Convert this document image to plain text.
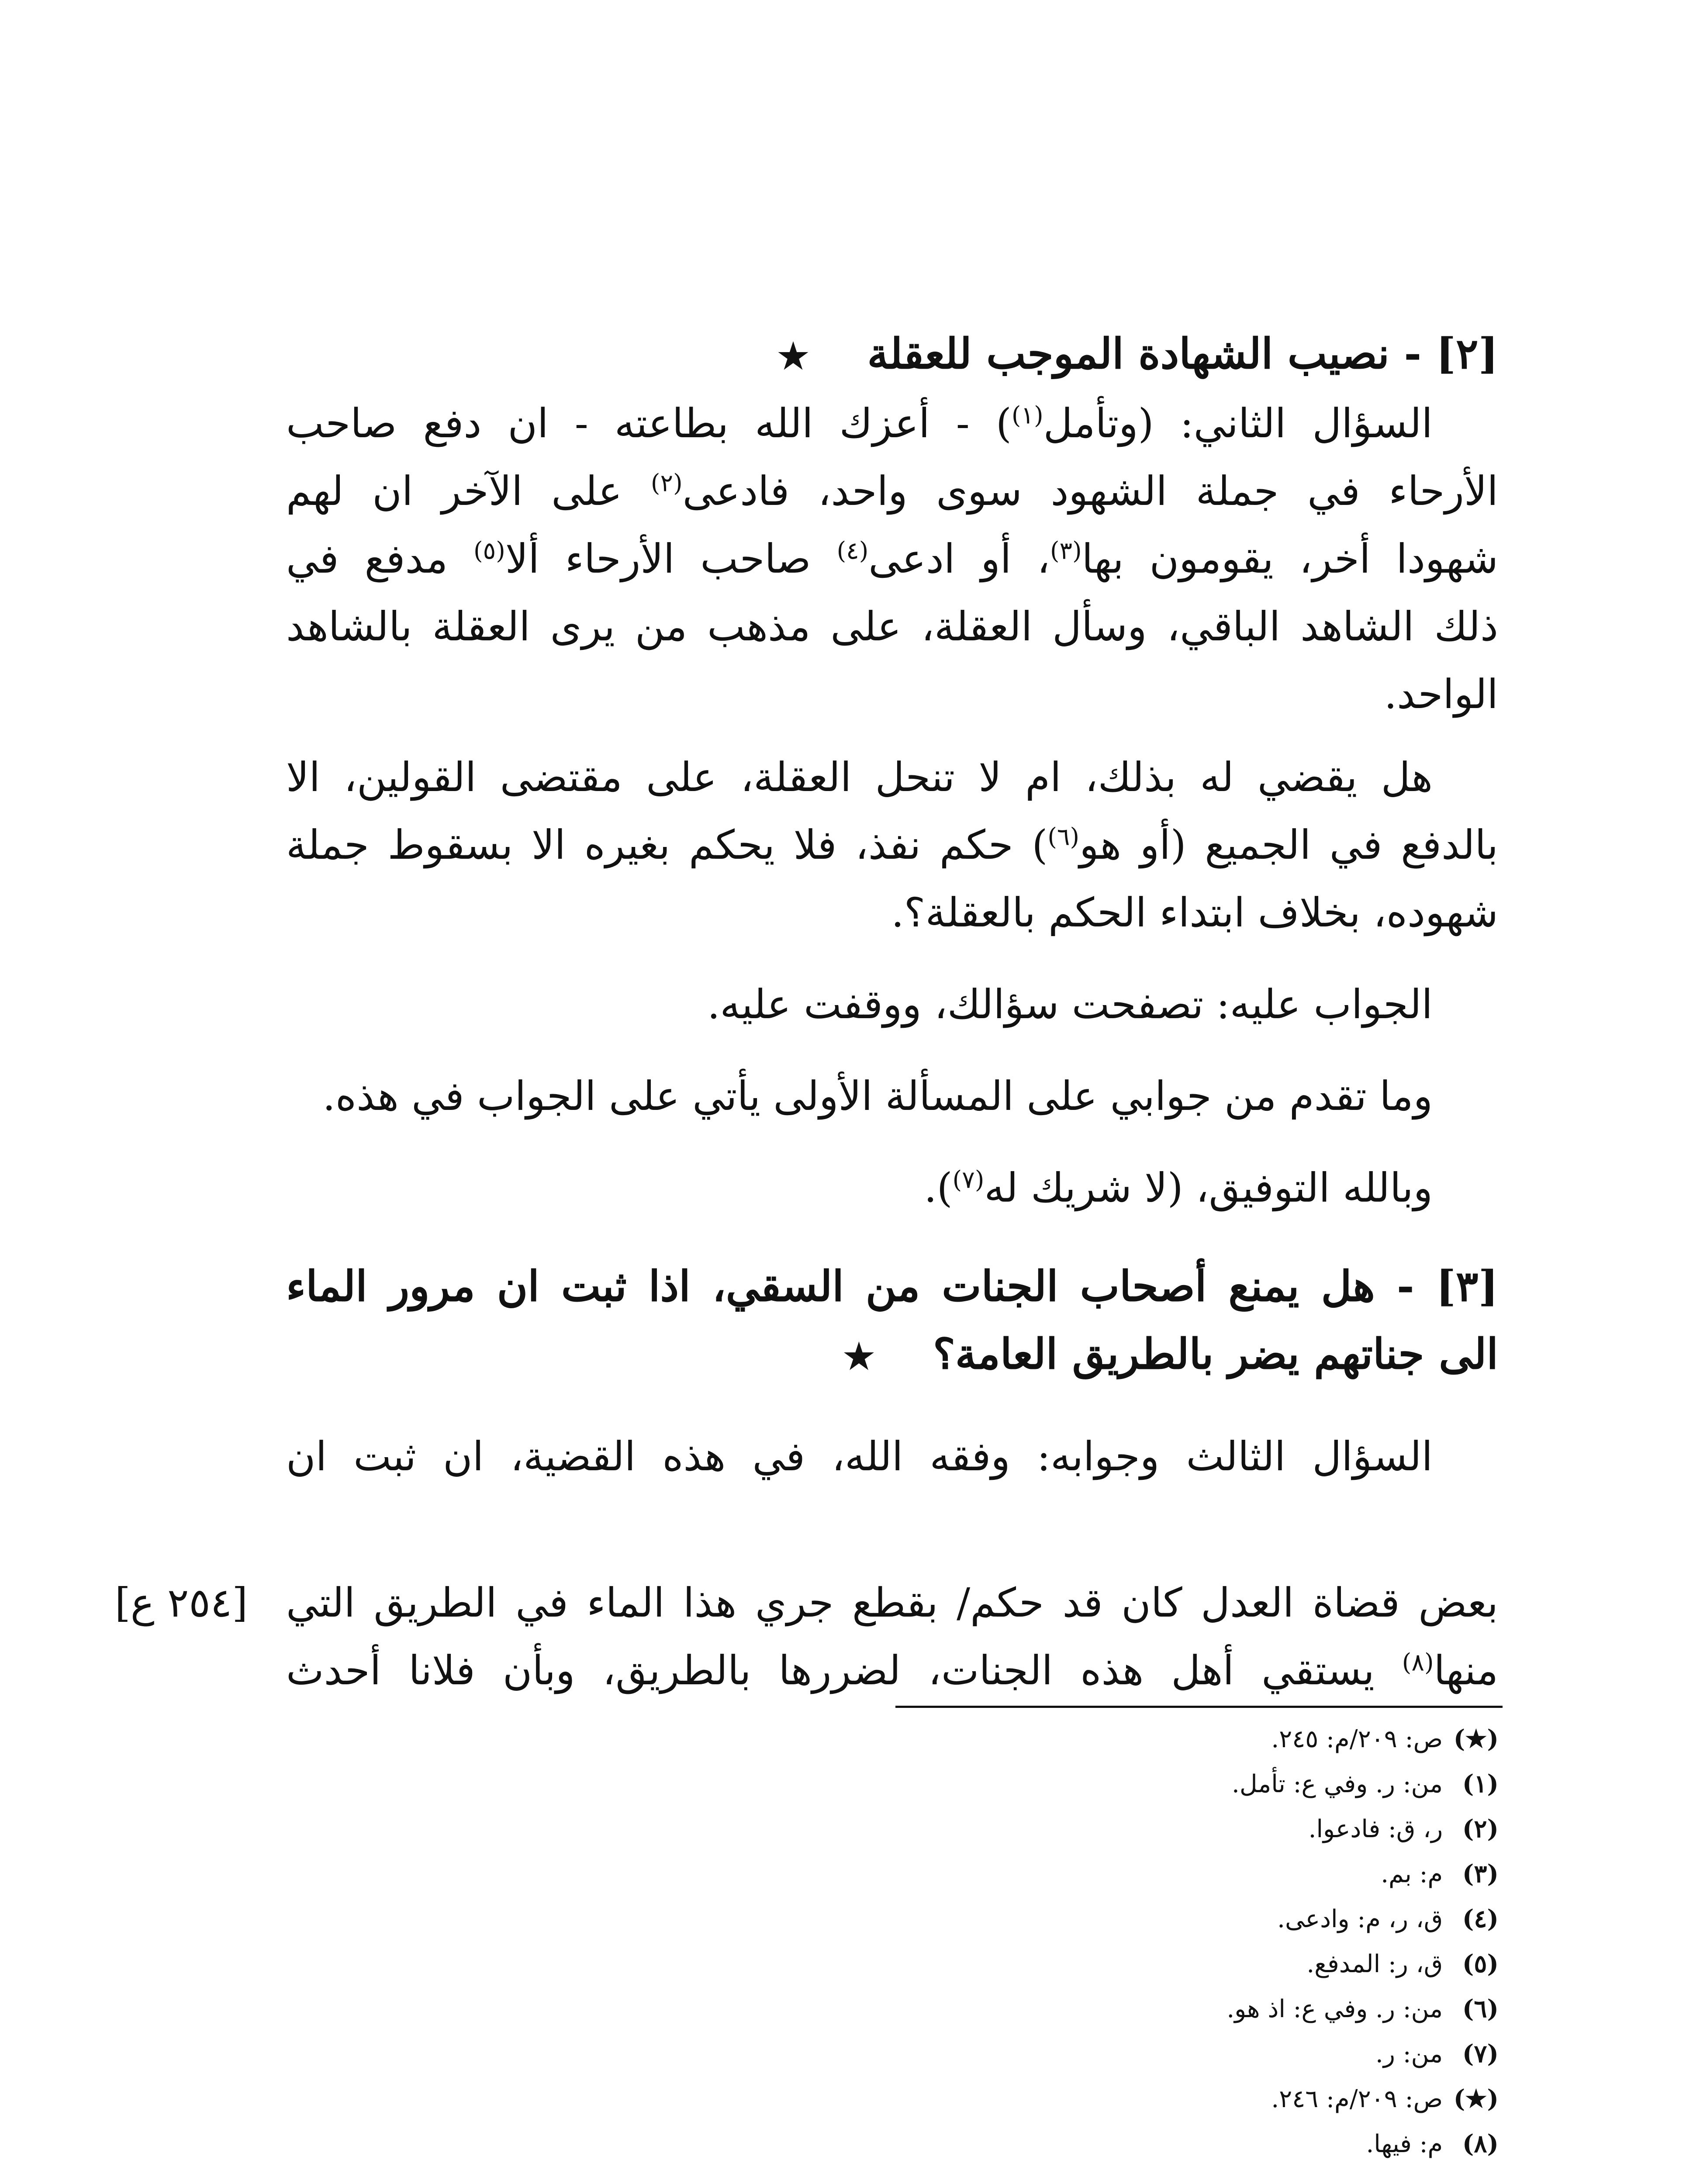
[٢] - نصيب الشهادة الموجب للعقلة    ★
السؤال الثاني: (وتأمل$^{(١)}$) - أعزك الله بطاعته - ان دفع صاحب
الأرحاء في جملة الشهود سوى واحد، فادعى$^{(٢)}$ على الآخر ان لهم
شهودا أخر، يقومون بها$^{(٣)}$، أو ادعى$^{(٤)}$ صاحب الأرحاء ألا$^{(٥)}$ مدفع في
ذلك الشاهد الباقي، وسأل العقلة، على مذهب من يرى العقلة بالشاهد
الواحد.
هل يقضي له بذلك، ام لا تنحل العقلة، على مقتضى القولين، الا
بالدفع في الجميع (أو هو$^{(٦)}$) حكم نفذ، فلا يحكم بغيره الا بسقوط جملة
شهوده، بخلاف ابتداء الحكم بالعقلة؟.
الجواب عليه: تصفحت سؤالك، ووقفت عليه.
وما تقدم من جوابي على المسألة الأولى يأتي على الجواب في هذه.
وبالله التوفيق، (لا شريك له$^{(٧)}$).
[٣] - هل يمنع أصحاب الجنات من السقي، اذا ثبت ان مرور الماء
الى جناتهم يضر بالطريق العامة؟    ★
السؤال الثالث وجوابه: وفقه الله، في هذه القضية، ان ثبت ان
بعض قضاة العدل كان قد حكم/ بقطع جري هذا الماء في الطريق التي
منها$^{(٨)}$ يستقي أهل هذه الجنات، لضررها بالطريق، وبأن فلانا أحدث
[٢٥٤ ع]
(★) ص: ٢٠٩/م: ٢٤٥.
(١) من: ر. وفي ع: تأمل.
(٢) ر، ق: فادعوا.
(٣) م: بم.
(٤) ق، ر، م: وادعى.
(٥) ق، ر: المدفع.
(٦) من: ر. وفي ع: اذ هو.
(٧) من: ر.
(★) ص: ٢٠٩/م: ٢٤٦.
(٨) م: فيها.
